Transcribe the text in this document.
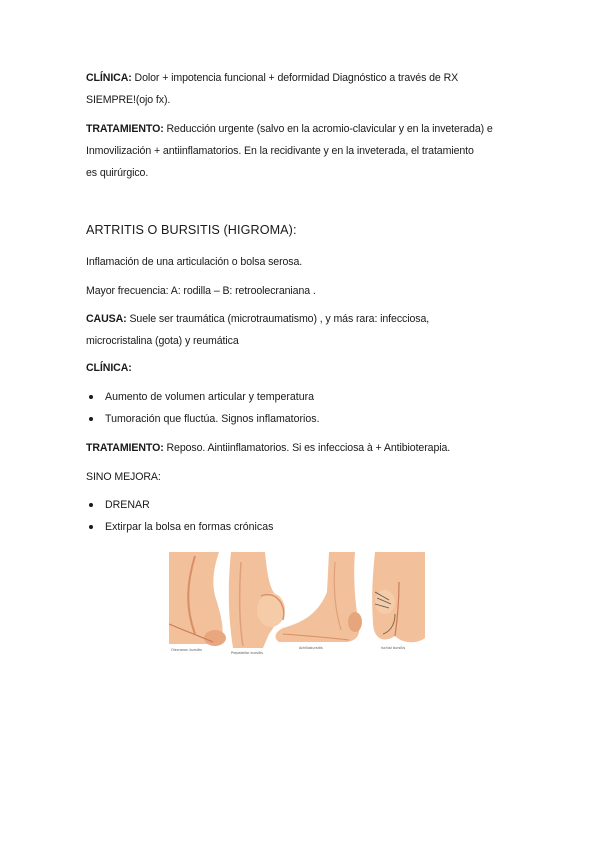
CLÍNICA: Dolor + impotencia funcional + deformidad Diagnóstico a través de RX
SIEMPRE!(ojo fx).
TRATAMIENTO: Reducción urgente (salvo en la acromio-clavicular y en la inveterada) e
Inmovilización + antiinflamatorios. En la recidivante y en la inveterada, el tratamiento
es quirúrgico.
ARTRITIS O BURSITIS (HIGROMA):
Inflamación de una articulación o bolsa serosa.
Mayor frecuencia: A: rodilla – B: retroolecraniana .
CAUSA: Suele ser traumática (microtraumatismo) , y más rara: infecciosa,
microcristalina (gota) y reumática
CLÍNICA:
Aumento de volumen articular y temperatura
Tumoración que fluctúa. Signos inflamatorios.
TRATAMIENTO: Reposo. Aintiinflamatorios. Si es infecciosa à + Antibioterapia.
SINO MEJORA:
DRENAR
Extirpar la bolsa en formas crónicas
Olecranon bursitis
Prepatellar bursitis
Achillobursitis	Ischial bursitis
